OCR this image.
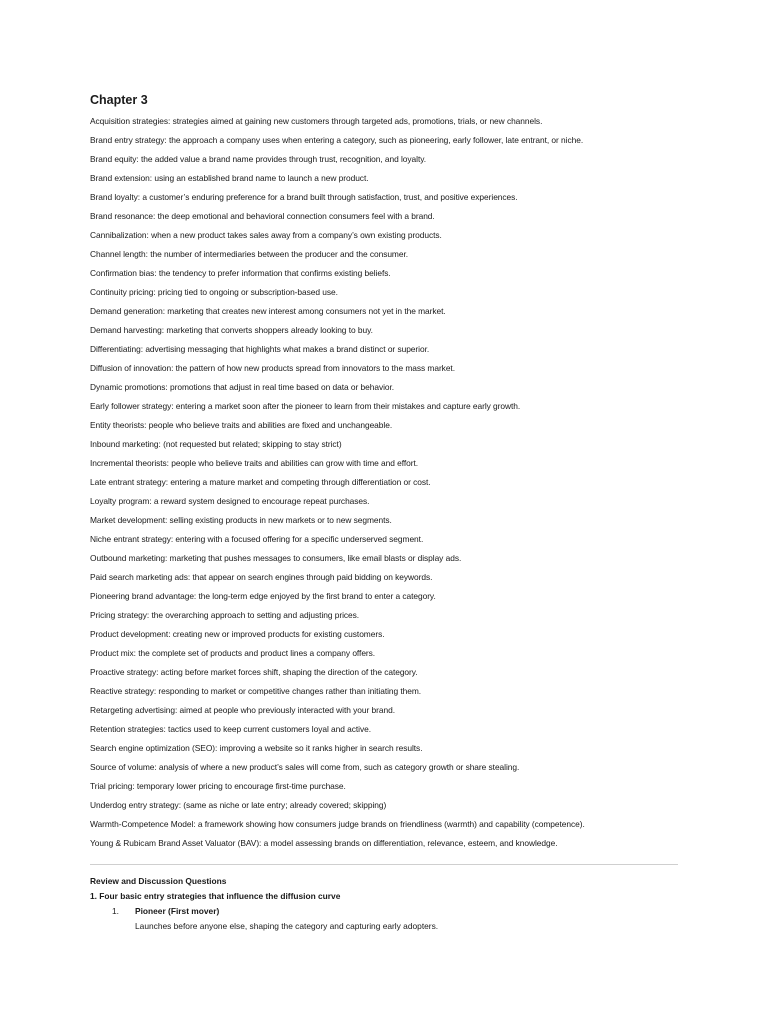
Chapter 3
Acquisition strategies: strategies aimed at gaining new customers through targeted ads, promotions, trials, or new channels.
Brand entry strategy: the approach a company uses when entering a category, such as pioneering, early follower, late entrant, or niche.
Brand equity: the added value a brand name provides through trust, recognition, and loyalty.
Brand extension: using an established brand name to launch a new product.
Brand loyalty: a customer’s enduring preference for a brand built through satisfaction, trust, and positive experiences.
Brand resonance: the deep emotional and behavioral connection consumers feel with a brand.
Cannibalization: when a new product takes sales away from a company’s own existing products.
Channel length: the number of intermediaries between the producer and the consumer.
Confirmation bias: the tendency to prefer information that confirms existing beliefs.
Continuity pricing: pricing tied to ongoing or subscription-based use.
Demand generation: marketing that creates new interest among consumers not yet in the market.
Demand harvesting: marketing that converts shoppers already looking to buy.
Differentiating: advertising messaging that highlights what makes a brand distinct or superior.
Diffusion of innovation: the pattern of how new products spread from innovators to the mass market.
Dynamic promotions: promotions that adjust in real time based on data or behavior.
Early follower strategy: entering a market soon after the pioneer to learn from their mistakes and capture early growth.
Entity theorists: people who believe traits and abilities are fixed and unchangeable.
Inbound marketing: (not requested but related; skipping to stay strict)
Incremental theorists: people who believe traits and abilities can grow with time and effort.
Late entrant strategy: entering a mature market and competing through differentiation or cost.
Loyalty program: a reward system designed to encourage repeat purchases.
Market development: selling existing products in new markets or to new segments.
Niche entrant strategy: entering with a focused offering for a specific underserved segment.
Outbound marketing: marketing that pushes messages to consumers, like email blasts or display ads.
Paid search marketing ads: that appear on search engines through paid bidding on keywords.
Pioneering brand advantage: the long-term edge enjoyed by the first brand to enter a category.
Pricing strategy: the overarching approach to setting and adjusting prices.
Product development: creating new or improved products for existing customers.
Product mix: the complete set of products and product lines a company offers.
Proactive strategy: acting before market forces shift, shaping the direction of the category.
Reactive strategy: responding to market or competitive changes rather than initiating them.
Retargeting advertising: aimed at people who previously interacted with your brand.
Retention strategies: tactics used to keep current customers loyal and active.
Search engine optimization (SEO): improving a website so it ranks higher in search results.
Source of volume: analysis of where a new product’s sales will come from, such as category growth or share stealing.
Trial pricing: temporary lower pricing to encourage first-time purchase.
Underdog entry strategy: (same as niche or late entry; already covered; skipping)
Warmth-Competence Model: a framework showing how consumers judge brands on friendliness (warmth) and capability (competence).
Young & Rubicam Brand Asset Valuator (BAV): a model assessing brands on differentiation, relevance, esteem, and knowledge.
Review and Discussion Questions
1. Four basic entry strategies that influence the diffusion curve
1. Pioneer (First mover)
Launches before anyone else, shaping the category and capturing early adopters.
